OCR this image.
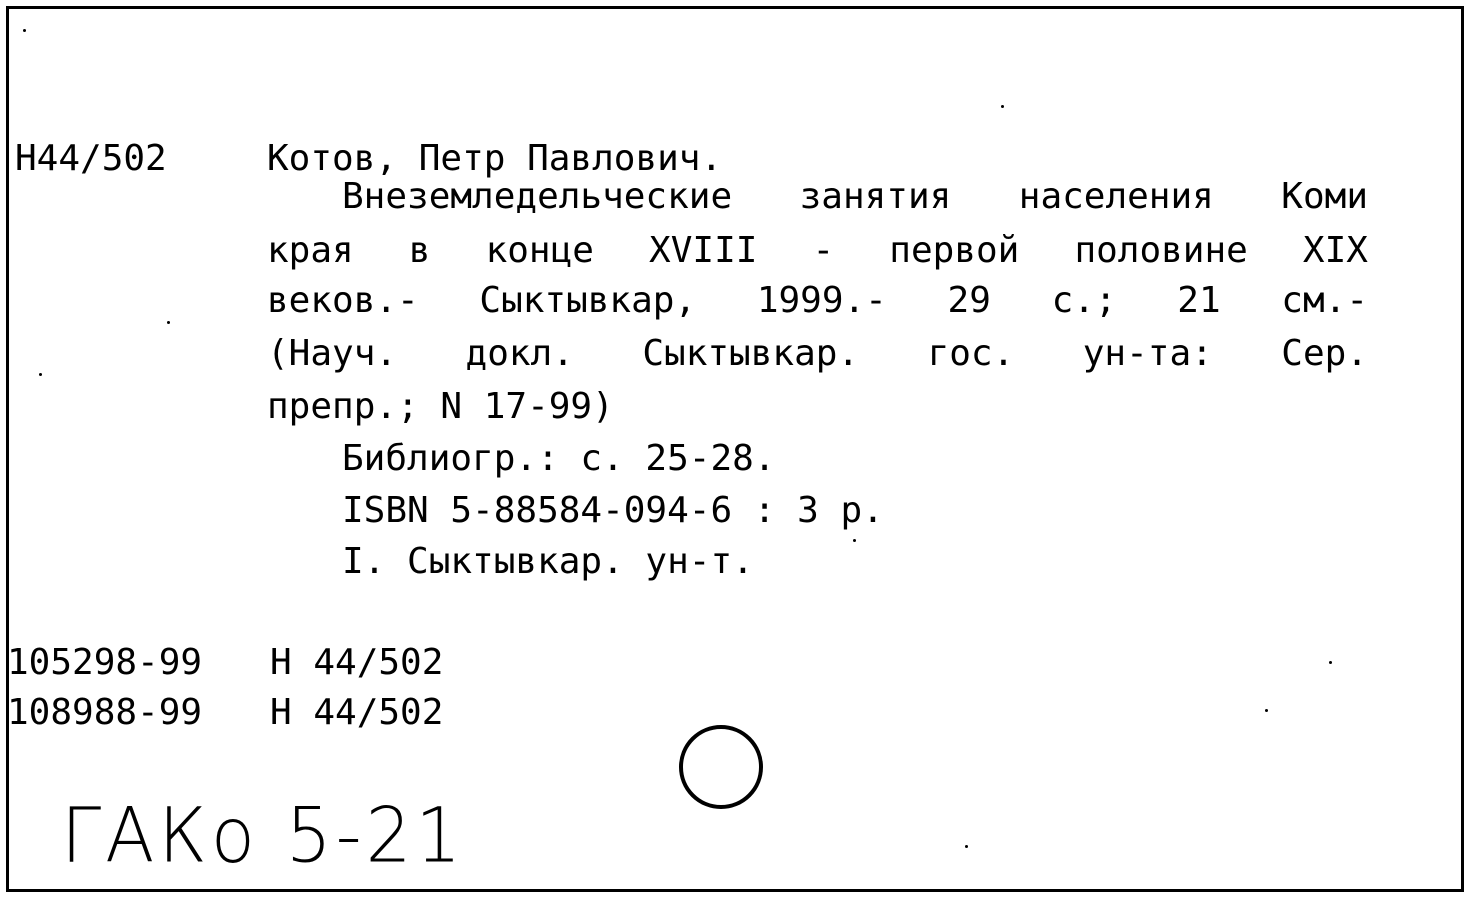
Н44/502	Котов, Петр Павлович.
Внеземледельческие занятия населения Коми
края в конце XVIII - первой половине XIX
веков.- Сыктывкар, 1999.- 29 с.; 21 см.-
(Науч. докл. Сыктывкар. гос. ун-та: Сер.
препр.; N 17-99)
Библиогр.: с. 25-28.
ISBN 5-88584-094-6 : 3 р.
I. Сыктывкар. ун-т.
105298-99 Н 44/502
108988-99 Н 44/502
ГАКо 5-21
